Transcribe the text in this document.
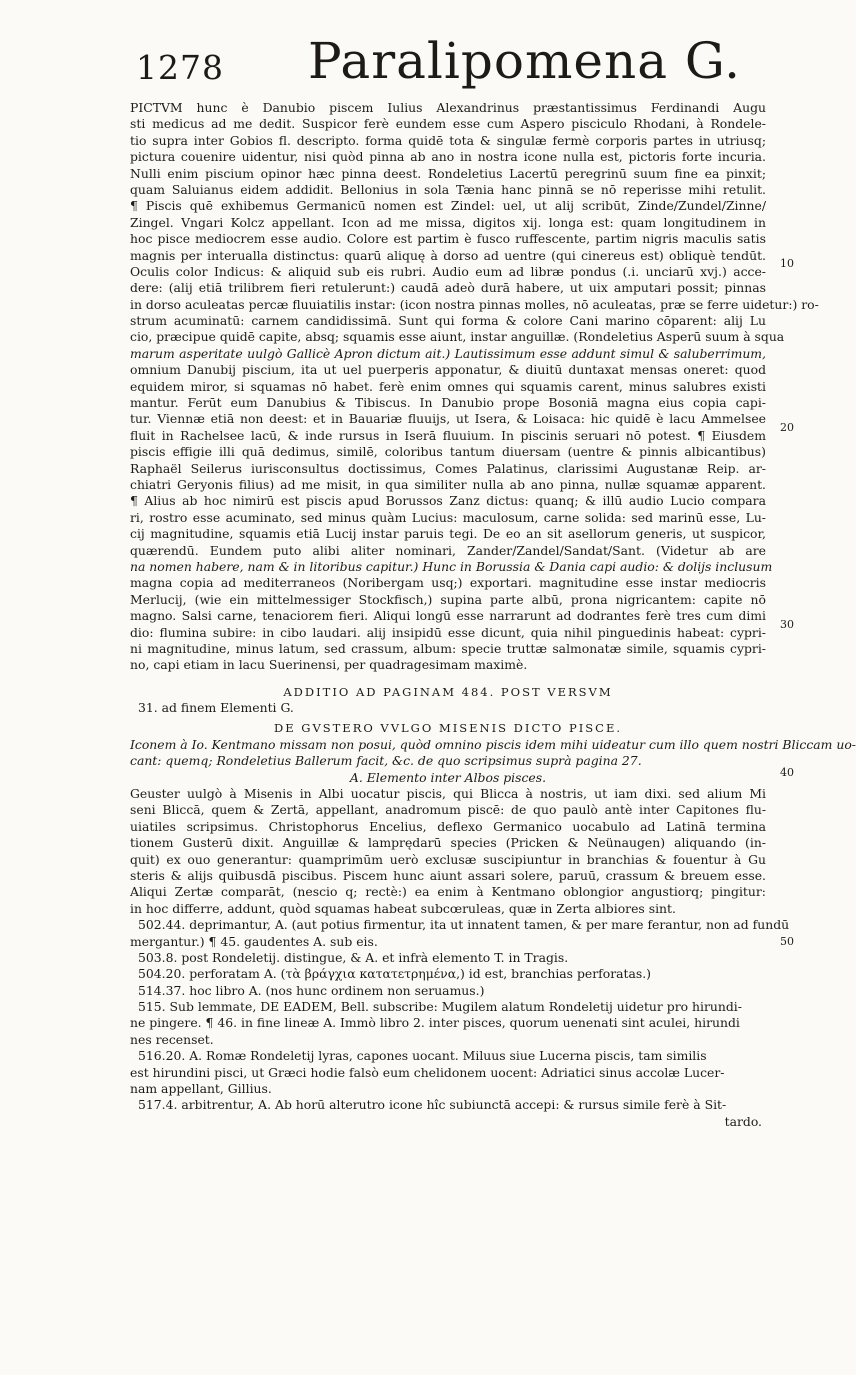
1278 Paralipomena G.
10
20
30
40
50
PICTVM hunc è Danubio piscem Iulius Alexandrinus præstantissimus Ferdinandi Augu
sti medicus ad me dedit. Suspicor ferè eundem esse cum Aspero pisciculo Rhodani, à Rondele-
tio supra inter Gobios fl. descripto. forma quidē tota & singulæ fermè corporis partes in utriusq;
pictura couenire uidentur, nisi quòd pinna ab ano in nostra icone nulla est, pictoris forte incuria.
Nulli enim piscium opinor hæc pinna deest. Rondeletius Lacertū peregrinū suum fine ea pinxit;
quam Saluianus eidem addidit. Bellonius in sola Tænia hanc pinnā se nō reperisse mihi retulit.
¶ Piscis quē exhibemus Germanicū nomen est Zindel: uel, ut alij scribūt, Zinde/Zundel/Zinne/
Zingel. Vngari Kolcz appellant. Icon ad me missa, digitos xij. longa est: quam longitudinem in
hoc pisce mediocrem esse audio. Colore est partim è fusco ruffescente, partim nigris maculis satis
magnis per interualla distinctus: quarū aliquę à dorso ad uentre (qui cinereus est) obliquè tendūt.
Oculis color Indicus: & aliquid sub eis rubri. Audio eum ad libræ pondus (.i. unciarū xvj.) acce-
dere: (alij etiā trilibrem fieri retulerunt:) caudā adeò durā habere, ut uix amputari possit; pinnas
in dorso aculeatas percæ fluuiatilis instar: (icon nostra pinnas molles, nō aculeatas, præ se ferre uidetur:) ro-
strum acuminatū: carnem candidissimā. Sunt qui forma & colore Cani marino cōparent: alij Lu
cio, præcipue quidē capite, absq; squamis esse aiunt, instar anguillæ. (Rondeletius Asperū suum à squa
marum asperitate uulgò Gallicè Apron dictum ait.) Lautissimum esse addunt simul & saluberrimum,
omnium Danubij piscium, ita ut uel puerperis apponatur, & diuitū duntaxat mensas oneret: quod
equidem miror, si squamas nō habet. ferè enim omnes qui squamis carent, minus salubres existi
mantur. Ferūt eum Danubius & Tibiscus. In Danubio prope Bosoniā magna eius copia capi-
tur. Viennæ etiā non deest: et in Bauariæ fluuijs, ut Isera, & Loisaca: hic quidē è lacu Ammelsee
fluit in Rachelsee lacū, & inde rursus in Iserā fluuium. In piscinis seruari nō potest. ¶ Eiusdem
piscis effigie illi quā dedimus, similē, coloribus tantum diuersam (uentre & pinnis albicantibus)
Raphaël Seilerus iurisconsultus doctissimus, Comes Palatinus, clarissimi Augustanæ Reip. ar-
chiatri Geryonis filius) ad me misit, in qua similiter nulla ab ano pinna, nullæ squamæ apparent.
¶ Alius ab hoc nimirū est piscis apud Borussos Zanz dictus: quanq; & illū audio Lucio compara
ri, rostro esse acuminato, sed minus quàm Lucius: maculosum, carne solida: sed marinū esse, Lu-
cij magnitudine, squamis etiā Lucij instar paruis tegi. De eo an sit asellorum generis, ut suspicor,
quærendū. Eundem puto alibi aliter nominari, Zander/Zandel/Sandat/Sant. (Videtur ab are
na nomen habere, nam & in litoribus capitur.) Hunc in Borussia & Dania capi audio: & dolijs inclusum
magna copia ad mediterraneos (Noribergam usq;) exportari. magnitudine esse instar mediocris
Merlucij, (wie ein mittelmessiger Stockfisch,) supina parte albū, prona nigricantem: capite nō
magno. Salsi carne, tenaciorem fieri. Aliqui longū esse narrarunt ad dodrantes ferè tres cum dimi
dio: flumina subire: in cibo laudari. alij insipidū esse dicunt, quia nihil pinguedinis habeat: cypri-
ni magnitudine, minus latum, sed crassum, album: specie truttæ salmonatæ simile, squamis cypri-
no, capi etiam in lacu Suerinensi, per quadragesimam maximè.
ADDITIO AD PAGINAM 484. POST VERSVM
31. ad finem Elementi G.
DE GVSTERO VVLGO MISENIS DICTO PISCE.
Iconem à Io. Kentmano missam non posui, quòd omnino piscis idem mihi uideatur cum illo quem nostri Bliccam uo-
cant: quemq; Rondeletius Ballerum facit, &c. de quo scripsimus suprà pagina 27.
A. Elemento inter Albos pisces.
Geuster uulgò à Misenis in Albi uocatur piscis, qui Blicca à nostris, ut iam dixi. sed alium Mi
seni Bliccā, quem & Zertā, appellant, anadromum piscē: de quo paulò antè inter Capitones flu-
uiatiles scripsimus. Christophorus Encelius, deflexo Germanico uocabulo ad Latinā termina
tionem Gusterū dixit. Anguillæ & lamprędarū species (Pricken & Neünaugen) aliquando (in-
quit) ex ouo generantur: quamprimūm uerò exclusæ suscipiuntur in branchias & fouentur à Gu
steris & alijs quibusdā piscibus. Piscem hunc aiunt assari solere, paruū, crassum & breuem esse.
Aliqui Zertæ comparāt, (nescio q; rectè:) ea enim à Kentmano oblongior angustiorq; pingitur:
in hoc differre, addunt, quòd squamas habeat subcœruleas, quæ in Zerta albiores sint.
502.44. deprimantur, A. (aut potius firmentur, ita ut innatent tamen, & per mare ferantur, non ad fundū
mergantur.) ¶ 45. gaudentes A. sub eis.
503.8. post Rondeletij. distingue, & A. et infrà elemento T. in Tragis.
504.20. perforatam A. (τὰ βράγχια κατατετρημένα,) id est, branchias perforatas.)
514.37. hoc libro A. (nos hunc ordinem non seruamus.)
515. Sub lemmate, DE EADEM, Bell. subscribe: Mugilem alatum Rondeletij uidetur pro hirundi-
ne pingere. ¶ 46. in fine lineæ A. Immò libro 2. inter pisces, quorum uenenati sint aculei, hirundi
nes recenset.
516.20. A. Romæ Rondeletij lyras, capones uocant. Miluus siue Lucerna piscis, tam similis
est hirundini pisci, ut Græci hodie falsò eum chelidonem uocent: Adriatici sinus accolæ Lucer-
nam appellant, Gillius.
517.4. arbitrentur, A. Ab horū alterutro icone hîc subiunctā accepi: & rursus simile ferè à Sit-
tardo.
